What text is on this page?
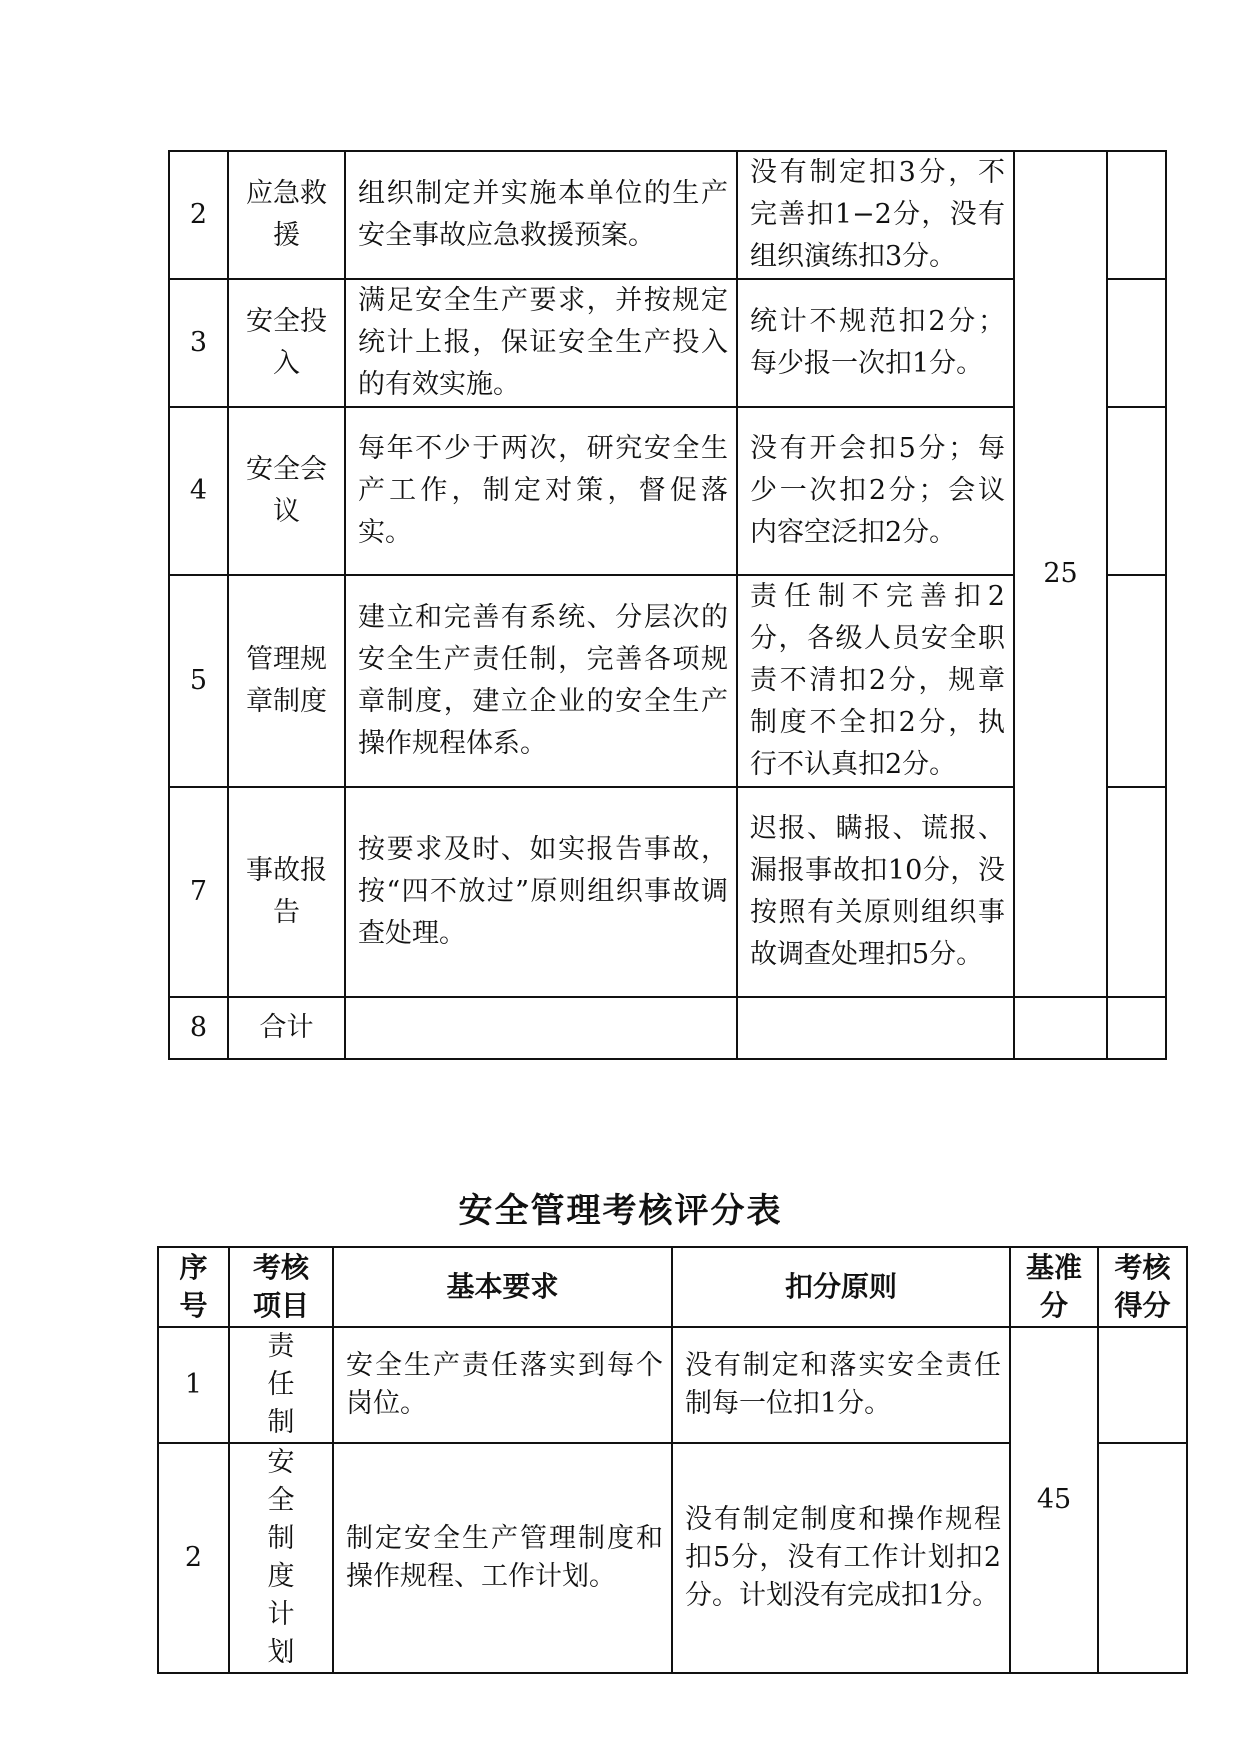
2	应急救援	组织制定并实施本单位的生产安全事故应急救援预案。	没有制定扣3分，不完善扣1−2分，没有组织演练扣3分。	25	
3	安全投入	满足安全生产要求，并按规定统计上报，保证安全生产投入的有效实施。	统计不规范扣2分；每少报一次扣1分。		
4	安全会议	每年不少于两次，研究安全生产工作，制定对策，督促落实。	没有开会扣5分；每少一次扣2分；会议内容空泛扣2分。		
5	管理规章制度	建立和完善有系统、分层次的安全生产责任制，完善各项规章制度，建立企业的安全生产操作规程体系。	责任制不完善扣2分，各级人员安全职责不清扣2分，规章制度不全扣2分，执行不认真扣2分。		
7	事故报告	按要求及时、如实报告事故，按“四不放过”原则组织事故调查处理。	迟报、瞒报、谎报、漏报事故扣10分，没按照有关原则组织事故调查处理扣5分。		
8	合计				
安全管理考核评分表
序号	考核项目	基本要求	扣分原则	基准分	考核得分
1	责任制	安全生产责任落实到每个岗位。	没有制定和落实安全责任制每一位扣1分。	45	
2	安全制度计划	制定安全生产管理制度和操作规程、工作计划。	没有制定制度和操作规程扣5分，没有工作计划扣2分。计划没有完成扣1分。		
